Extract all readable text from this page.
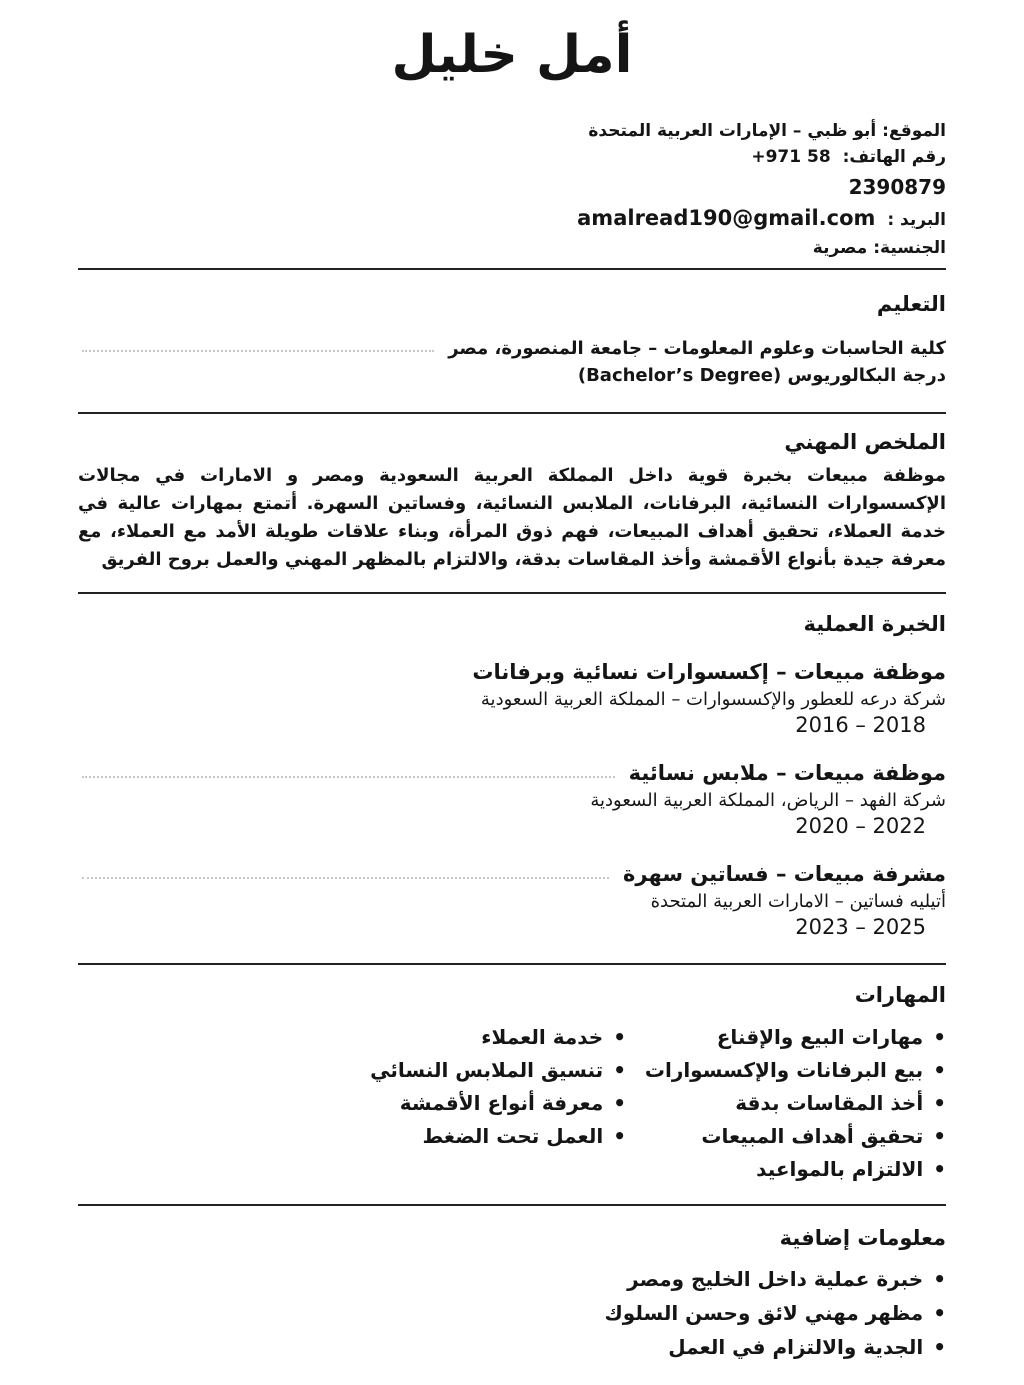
أمل خليل
الموقع: أبو ظبي – الإمارات العربية المتحدة
رقم الهاتف: +971 58
2390879
البريد : amalread190@gmail.com
الجنسية: مصرية
التعليم
كلية الحاسبات وعلوم المعلومات – جامعة المنصورة، مصر
درجة البكالوريوس (Bachelor’s Degree)
الملخص المهني
موظفة مبيعات بخبرة قوية داخل المملكة العربية السعودية ومصر و الامارات في مجالات الإكسسوارات النسائية، البرفانات، الملابس النسائية، وفساتين السهرة. أتمتع بمهارات عالية في خدمة العملاء، تحقيق أهداف المبيعات، فهم ذوق المرأة، وبناء علاقات طويلة الأمد مع العملاء، مع معرفة جيدة بأنواع الأقمشة وأخذ المقاسات بدقة، والالتزام بالمظهر المهني والعمل بروح الفريق
الخبرة العملية
موظفة مبيعات – إكسسوارات نسائية وبرفانات
شركة درعه للعطور والإكسسوارات – المملكة العربية السعودية
2016 – 2018
موظفة مبيعات – ملابس نسائية
شركة الفهد – الرياض، المملكة العربية السعودية
2020 – 2022
مشرفة مبيعات – فساتين سهرة
أتيليه فساتين – الامارات العربية المتحدة
2023 – 2025
المهارات
• مهارات البيع والإقناع
• بيع البرفانات والإكسسوارات
• أخذ المقاسات بدقة
• تحقيق أهداف المبيعات
• الالتزام بالمواعيد
• خدمة العملاء
• تنسيق الملابس النسائي
• معرفة أنواع الأقمشة
• العمل تحت الضغط
معلومات إضافية
• خبرة عملية داخل الخليج ومصر
• مظهر مهني لائق وحسن السلوك
• الجدية والالتزام في العمل
